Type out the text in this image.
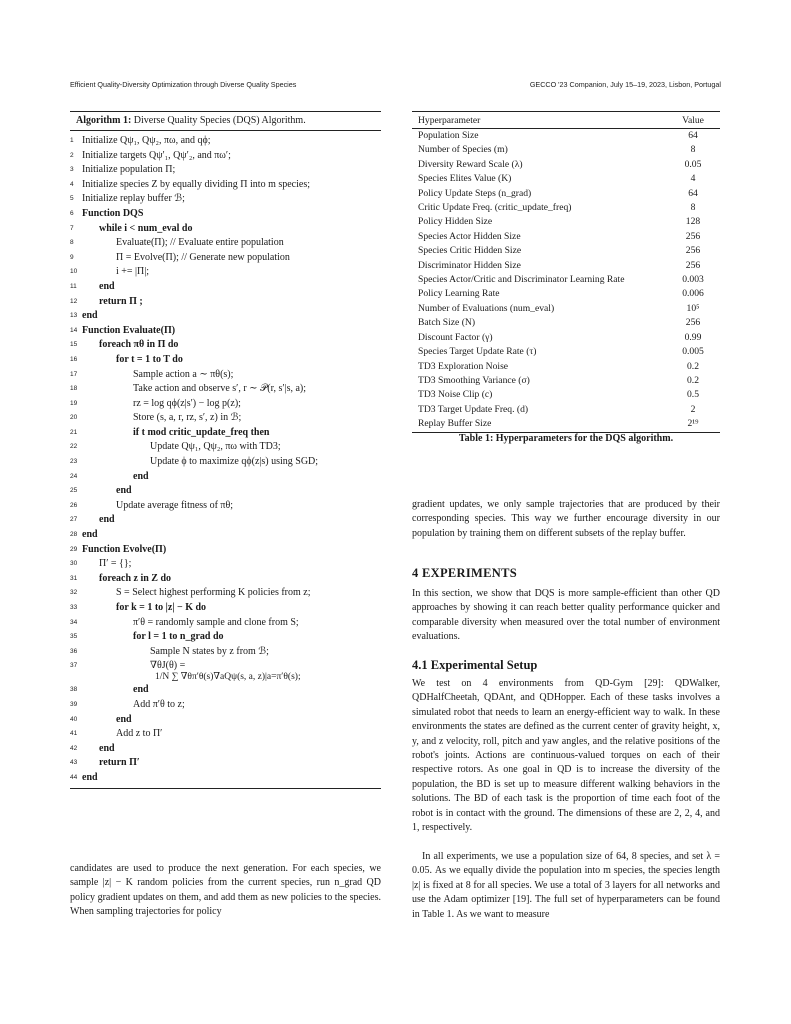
Efficient Quality-Diversity Optimization through Diverse Quality Species	GECCO '23 Companion, July 15–19, 2023, Lisbon, Portugal
Algorithm 1: Diverse Quality Species (DQS) Algorithm.
1 Initialize Qψ₁, Qψ₂, πω, and qϕ;
2 Initialize targets Qψ′₁, Qψ′₂, and πω′;
3 Initialize population Π;
4 Initialize species Z by equally dividing Π into m species;
5 Initialize replay buffer ℬ;
6 Function DQS
7	while i < num_eval do
8	Evaluate(Π); // Evaluate entire population
9	Π = Evolve(Π); // Generate new population
10	i += |Π|;
11	end
12 return Π ;
13 end
14 Function Evaluate(Π)
15 foreach πθ in Π do
16	for t = 1 to T do
17	Sample action a ∼ πθ(s);
18	Take action and observe s′, r ∼ 𝒫(r, s′|s, a);
19	rz = log qϕ(z|s′) − log p(z);
20	Store (s, a, r, rz, s′, z) in ℬ;
21	if t mod critic_update_freq then
22	Update Qψ₁, Qψ₂, πω with TD3;
23	Update ϕ to maximize qϕ(z|s) using SGD;
24	end
25	end
26	Update average fitness of πθ;
27 end
28 end
29 Function Evolve(Π)
30 Π′ = {};
31 foreach z in Z do
32	S = Select highest performing K policies from z;
33	for k = 1 to |z| − K do
34	π′θ = randomly sample and clone from S;
35	for l = 1 to n_grad do
36	Sample N states by z from ℬ;
37	∇θJ(θ) =
1/N ∑ ∇θπ′θ(s)∇aQψ(s, a, z)|a=π′θ(s);
38	end
39	Add π′θ to z;
40	end
41	Add z to Π′
42 end
43 return Π′
44 end
Hyperparameter	Value
Population Size	64
Number of Species (m)	8
Diversity Reward Scale (λ)	0.05
Species Elites Value (K)	4
Policy Update Steps (n_grad)	64
Critic Update Freq. (critic_update_freq)	8
Policy Hidden Size	128
Species Actor Hidden Size	256
Species Critic Hidden Size	256
Discriminator Hidden Size	256
Species Actor/Critic and Discriminator Learning Rate	0.003
Policy Learning Rate	0.006
Number of Evaluations (num_eval)	10⁵
Batch Size (N)	256
Discount Factor (γ)	0.99
Species Target Update Rate (τ)	0.005
TD3 Exploration Noise	0.2
TD3 Smoothing Variance (σ)	0.2
TD3 Noise Clip (c)	0.5
TD3 Target Update Freq. (d)	2
Replay Buffer Size	2¹⁹
Table 1: Hyperparameters for the DQS algorithm.
candidates are used to produce the next generation. For each species, we sample |z| − K random policies from the current species, run n_grad QD policy gradient updates on them, and add them as new policies to the species. When sampling trajectories for policy
gradient updates, we only sample trajectories that are produced by their corresponding species. This way we further encourage diversity in our population by training them on different subsets of the replay buffer.
4 EXPERIMENTS
In this section, we show that DQS is more sample-efficient than other QD approaches by showing it can reach better quality performance quicker and comparable diversity when measured over the total number of environment evaluations.
4.1 Experimental Setup
We test on 4 environments from QD-Gym [29]: QDWalker, QDHalfCheetah, QDAnt, and QDHopper. Each of these tasks involves a simulated robot that needs to learn an energy-efficient way to walk. In these environments the states are defined as the current center of gravity height, x, y, and z velocity, roll, pitch and yaw angles, and the relative positions of the robot's joints. Actions are continuous-valued torques on each of their respective rotors. As one goal in QD is to increase the diversity of the population, the BD is set up to measure different walking behaviors in the solutions. The BD of each task is the proportion of time each foot of the robot is in contact with the ground. The dimensions of these are 2, 2, 4, and 1, respectively.
In all experiments, we use a population size of 64, 8 species, and set λ = 0.05. As we equally divide the population into m species, the species length |z| is fixed at 8 for all species. We use a total of 3 layers for all networks and use the Adam optimizer [19]. The full set of hyperparameters can be found in Table 1. As we want to measure
